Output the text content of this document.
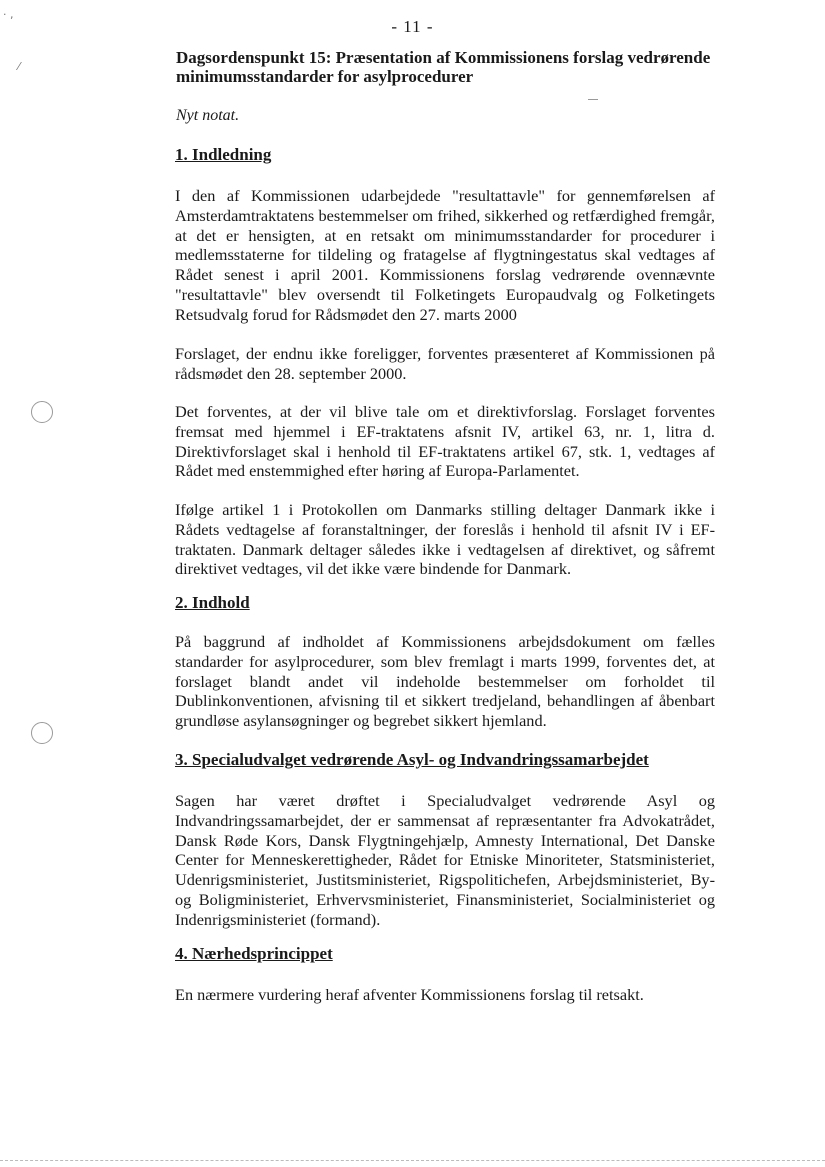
· ,
⁄
- 11 -
Dagsordenspunkt 15: Præsentation af Kommissionens forslag vedrørende
minimumsstandarder for asylprocedurer
Nyt notat.
1. Indledning
I den af Kommissionen udarbejdede "resultattavle" for gennemførelsen af Amsterdamtraktatens bestemmelser om frihed, sikkerhed og retfærdighed fremgår, at det er hensigten, at en retsakt om minimumsstandarder for procedurer i medlemsstaterne for tildeling og fratagelse af flygtningestatus skal vedtages af Rådet senest i april 2001. Kommissionens forslag vedrørende ovennævnte "resultattavle" blev oversendt til Folketingets Europaudvalg og Folketingets Retsudvalg forud for Rådsmødet den 27. marts 2000
Forslaget, der endnu ikke foreligger, forventes præsenteret af Kommissionen på rådsmødet den 28. september 2000.
Det forventes, at der vil blive tale om et direktivforslag. Forslaget forventes fremsat med hjemmel i EF-traktatens afsnit IV, artikel 63, nr. 1, litra d. Direktivforslaget skal i henhold til EF-traktatens artikel 67, stk. 1, vedtages af Rådet med enstemmighed efter høring af Europa-Parlamentet.
Ifølge artikel 1 i Protokollen om Danmarks stilling deltager Danmark ikke i Rådets vedtagelse af foranstaltninger, der foreslås i henhold til afsnit IV i EF-traktaten. Danmark deltager således ikke i vedtagelsen af direktivet, og såfremt direktivet vedtages, vil det ikke være bindende for Danmark.
2. Indhold
På baggrund af indholdet af Kommissionens arbejdsdokument om fælles standarder for asylprocedurer, som blev fremlagt i marts 1999, forventes det, at forslaget blandt andet vil indeholde bestemmelser om forholdet til Dublinkonventionen, afvisning til et sikkert tredjeland, behandlingen af åbenbart grundløse asylansøgninger og begrebet sikkert hjemland.
3. Specialudvalget vedrørende Asyl- og Indvandringssamarbejdet
Sagen har været drøftet i Specialudvalget vedrørende Asyl og Indvandringssamarbejdet, der er sammensat af repræsentanter fra Advokatrådet, Dansk Røde Kors, Dansk Flygtningehjælp, Amnesty International, Det Danske Center for Menneskerettigheder, Rådet for Etniske Minoriteter, Statsministeriet, Udenrigsministeriet, Justitsministeriet, Rigspolitichefen, Arbejdsministeriet, By- og Boligministeriet, Erhvervsministeriet, Finansministeriet, Socialministeriet og Indenrigsministeriet (formand).
4. Nærhedsprincippet
En nærmere vurdering heraf afventer Kommissionens forslag til retsakt.
